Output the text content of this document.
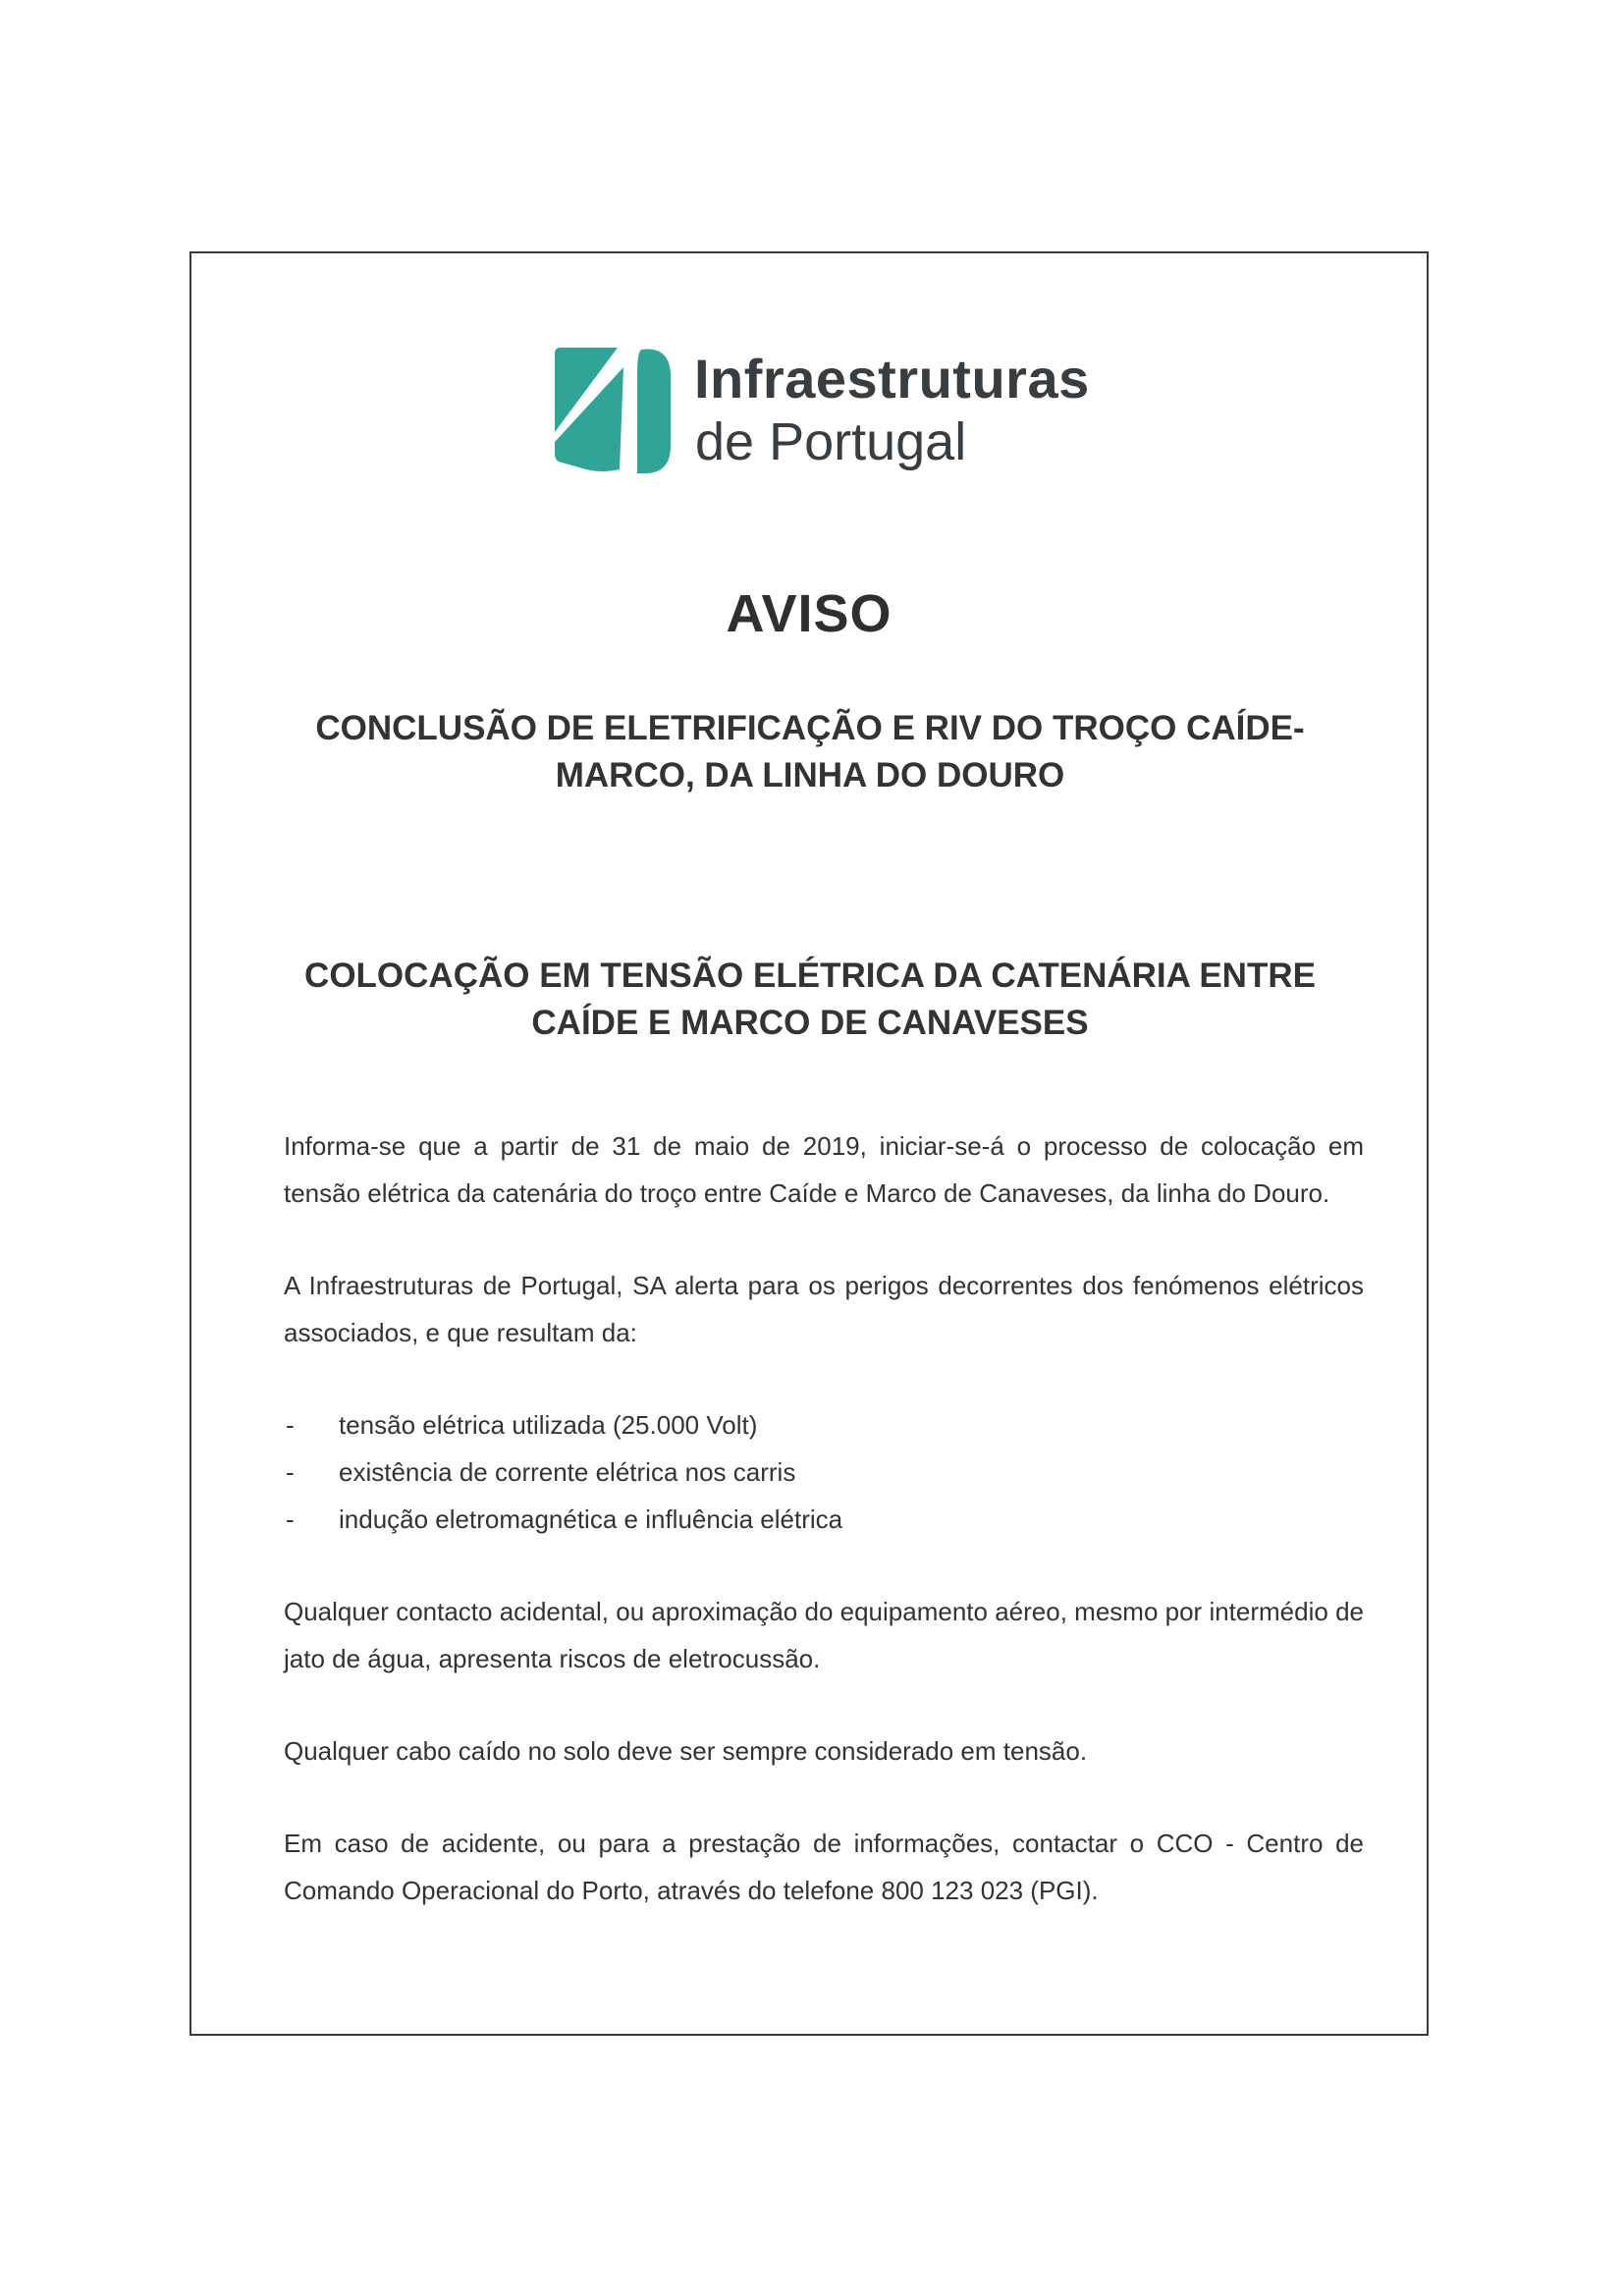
Infraestruturas
de Portugal
AVISO
CONCLUSÃO DE ELETRIFICAÇÃO E RIV DO TROÇO CAÍDE-MARCO, DA LINHA DO DOURO
COLOCAÇÃO EM TENSÃO ELÉTRICA DA CATENÁRIA ENTRE CAÍDE E MARCO DE CANAVESES

Informa-se que a partir de 31 de maio de 2019, iniciar-se-á o processo de colocação em tensão elétrica da catenária do troço entre Caíde e Marco de Canaveses, da linha do Douro.

A Infraestruturas de Portugal, SA alerta para os perigos decorrentes dos fenómenos elétricos associados, e que resultam da:

- tensão elétrica utilizada (25.000 Volt)
- existência de corrente elétrica nos carris
- indução eletromagnética e influência elétrica

Qualquer contacto acidental, ou aproximação do equipamento aéreo, mesmo por intermédio de jato de água, apresenta riscos de eletrocussão.

Qualquer cabo caído no solo deve ser sempre considerado em tensão.

Em caso de acidente, ou para a prestação de informações, contactar o CCO - Centro de Comando Operacional do Porto, através do telefone 800 123 023 (PGI).
